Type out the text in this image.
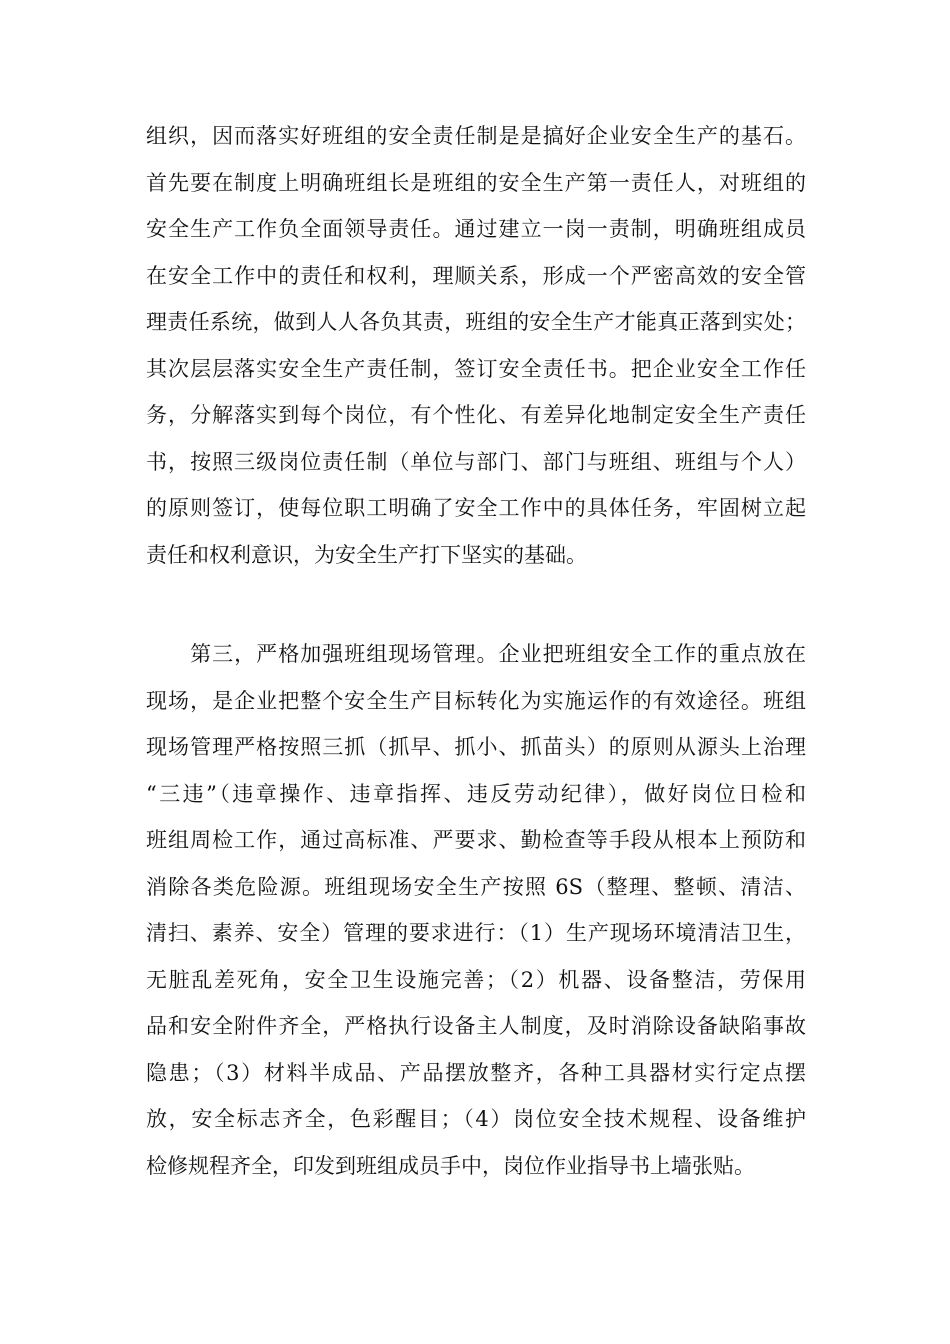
组织，因而落实好班组的安全责任制是是搞好企业安全生产的基石。
首先要在制度上明确班组长是班组的安全生产第一责任人，对班组的
安全生产工作负全面领导责任。通过建立一岗一责制，明确班组成员
在安全工作中的责任和权利，理顺关系，形成一个严密高效的安全管
理责任系统，做到人人各负其责，班组的安全生产才能真正落到实处；
其次层层落实安全生产责任制，签订安全责任书。把企业安全工作任
务，分解落实到每个岗位，有个性化、有差异化地制定安全生产责任
书，按照三级岗位责任制（单位与部门、部门与班组、班组与个人）
的原则签订，使每位职工明确了安全工作中的具体任务，牢固树立起
责任和权利意识，为安全生产打下坚实的基础。
　　第三，严格加强班组现场管理。企业把班组安全工作的重点放在
现场，是企业把整个安全生产目标转化为实施运作的有效途径。班组
现场管理严格按照三抓（抓早、抓小、抓苗头）的原则从源头上治理
“三违”（违章操作、违章指挥、违反劳动纪律），做好岗位日检和
班组周检工作，通过高标准、严要求、勤检查等手段从根本上预防和
消除各类危险源。班组现场安全生产按照 6S（整理、整顿、清洁、
清扫、素养、安全）管理的要求进行：（1）生产现场环境清洁卫生，
无脏乱差死角，安全卫生设施完善；（2）机器、设备整洁，劳保用
品和安全附件齐全，严格执行设备主人制度，及时消除设备缺陷事故
隐患；（3）材料半成品、产品摆放整齐，各种工具器材实行定点摆
放，安全标志齐全，色彩醒目；（4）岗位安全技术规程、设备维护
检修规程齐全，印发到班组成员手中，岗位作业指导书上墙张贴。
